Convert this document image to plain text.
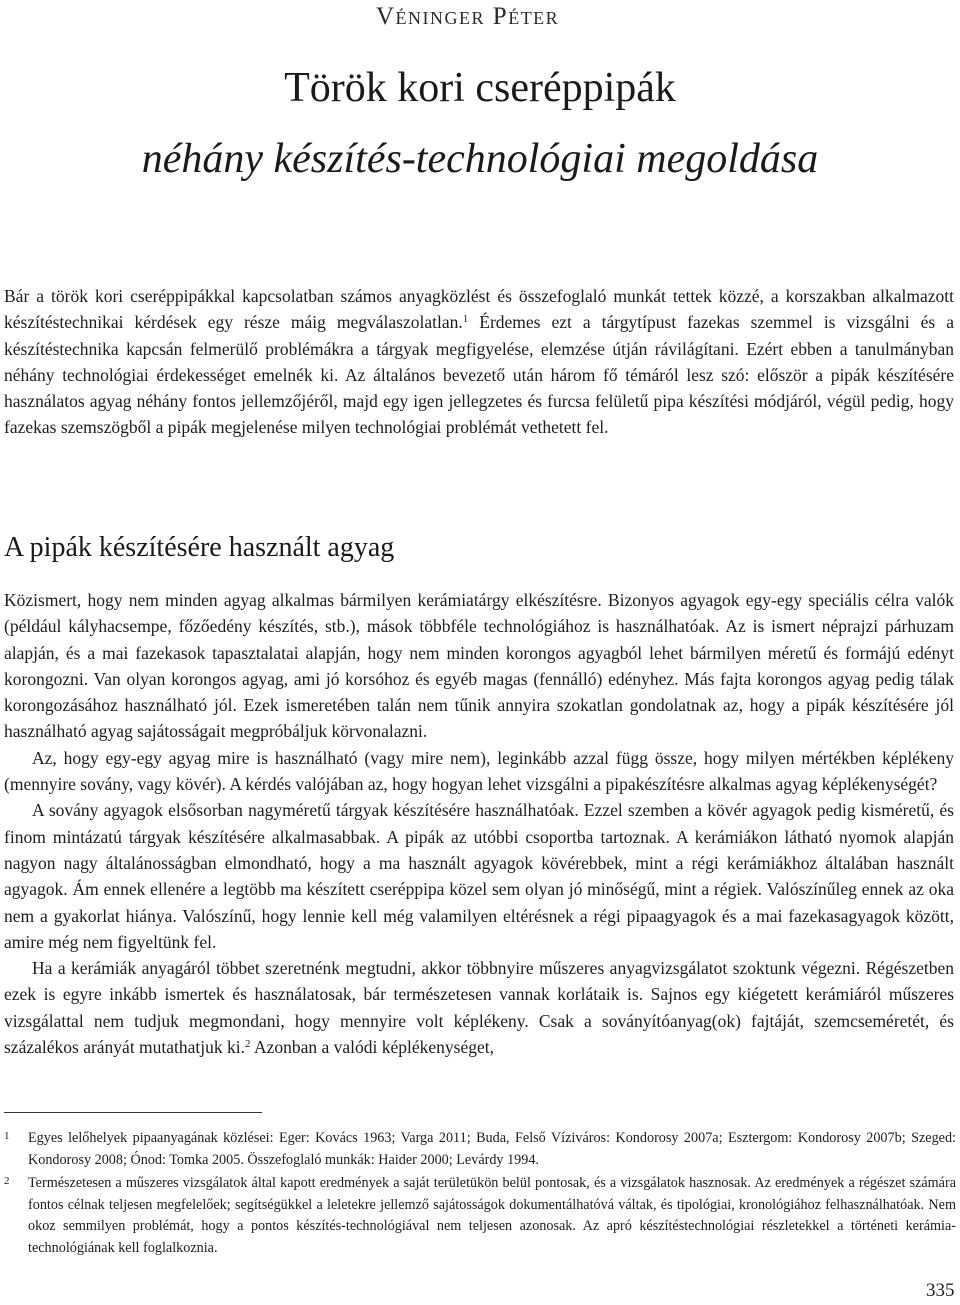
Véninger Péter
Török kori cseréppipák
néhány készítés-technológiai megoldása

Bár a török kori cseréppipákkal kapcsolatban számos anyagközlést és összefoglaló munkát tettek közzé, a korszakban alkalmazott készítéstechnikai kérdések egy része máig megválaszolatlan.$^1$ Érdemes ezt a tárgytípust fazekas szemmel is vizsgálni és a készítéstechnika kapcsán felmerülő problémákra a tárgyak megfigyelése, elemzése útján rávilágítani. Ezért ebben a tanulmányban néhány technológiai érdekességet emelnék ki. Az általános bevezető után három fő témáról lesz szó: először a pipák készítésére használatos agyag néhány fontos jellemzőjéről, majd egy igen jellegzetes és furcsa felületű pipa készítési módjáról, végül pedig, hogy fazekas szemszögből a pipák megjelenése milyen technológiai problémát vethetett fel.

A pipák készítésére használt agyag

Közismert, hogy nem minden agyag alkalmas bármilyen kerámiatárgy elkészítésre. Bizonyos agyagok egy-egy speciális célra valók (például kályhacsempe, főzőedény készítés, stb.), mások többféle technológiához is használhatóak. Az is ismert néprajzi párhuzam alapján, és a mai fazekasok tapasztalatai alapján, hogy nem minden korongos agyagból lehet bármilyen méretű és formájú edényt korongozni. Van olyan korongos agyag, ami jó korsóhoz és egyéb magas (fennálló) edényhez. Más fajta korongos agyag pedig tálak korongozásához használható jól. Ezek ismeretében talán nem tűnik annyira szokatlan gondolatnak az, hogy a pipák készítésére jól használható agyag sajátosságait megpróbáljuk körvonalazni.

Az, hogy egy-egy agyag mire is használható (vagy mire nem), leginkább azzal függ össze, hogy milyen mértékben képlékeny (mennyire sovány, vagy kövér). A kérdés valójában az, hogy hogyan lehet vizsgálni a pipakészítésre alkalmas agyag képlékenységét?

A sovány agyagok elsősorban nagyméretű tárgyak készítésére használhatóak. Ezzel szemben a kövér agyagok pedig kisméretű, és finom mintázatú tárgyak készítésére alkalmasabbak. A pipák az utóbbi csoportba tartoznak. A kerámiákon látható nyomok alapján nagyon nagy általánosságban elmondható, hogy a ma használt agyagok kövérebbek, mint a régi kerámiákhoz általában használt agyagok. Ám ennek ellenére a legtöbb ma készített cseréppipa közel sem olyan jó minőségű, mint a régiek. Valószínűleg ennek az oka nem a gyakorlat hiánya. Valószínű, hogy lennie kell még valamilyen eltérésnek a régi pipaagyagok és a mai fazekasagyagok között, amire még nem figyeltünk fel.

Ha a kerámiák anyagáról többet szeretnénk megtudni, akkor többnyire műszeres anyagvizsgálatot szoktunk végezni. Régészetben ezek is egyre inkább ismertek és használatosak, bár természetesen vannak korlátaik is. Sajnos egy kiégetett kerámiáról műszeres vizsgálattal nem tudjuk megmondani, hogy mennyire volt képlékeny. Csak a soványítóanyag(ok) fajtáját, szemcseméretét, és százalékos arányát mutathatjuk ki.$^2$ Azonban a valódi képlékenységet,

1 Egyes lelőhelyek pipaanyagának közlései: Eger: Kovács 1963; Varga 2011; Buda, Felső Víziváros: Kondorosy 2007a; Esztergom: Kondorosy 2007b; Szeged: Kondorosy 2008; Ónod: Tomka 2005. Összefoglaló munkák: Haider 2000; Levárdy 1994.
2 Természetesen a műszeres vizsgálatok által kapott eredmények a saját területükön belül pontosak, és a vizsgálatok hasznosak. Az eredmények a régészet számára fontos célnak teljesen megfelelőek; segítségükkel a leletekre jellemző sajátosságok dokumentálhatóvá váltak, és tipológiai, kronológiához felhasználhatóak. Nem okoz semmilyen problémát, hogy a pontos készítés-technológiával nem teljesen azonosak. Az apró készítéstechnológiai részletekkel a történeti kerámia-technológiának kell foglalkoznia.
335
